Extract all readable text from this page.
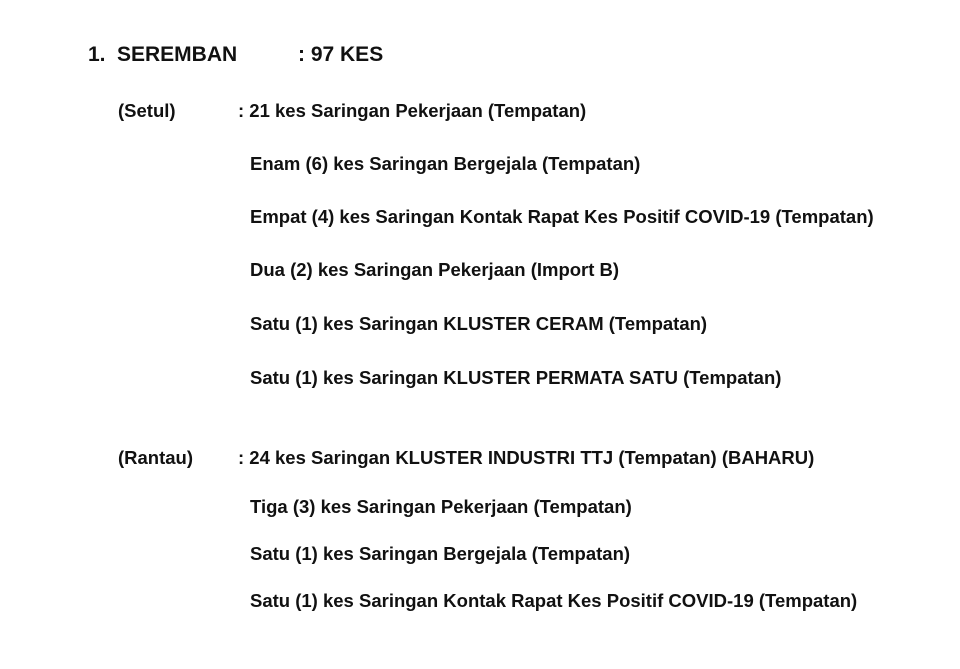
1. SEREMBAN	: 97 KES
(Setul)	: 21 kes Saringan Pekerjaan (Tempatan)
Enam (6) kes Saringan Bergejala (Tempatan)
Empat (4) kes Saringan Kontak Rapat Kes Positif COVID-19 (Tempatan)
Dua (2) kes Saringan Pekerjaan (Import B)
Satu (1) kes Saringan KLUSTER CERAM (Tempatan)
Satu (1) kes Saringan KLUSTER PERMATA SATU (Tempatan)
(Rantau) : 24 kes Saringan KLUSTER INDUSTRI TTJ (Tempatan) (BAHARU)
Tiga (3) kes Saringan Pekerjaan (Tempatan)
Satu (1) kes Saringan Bergejala (Tempatan)
Satu (1) kes Saringan Kontak Rapat Kes Positif COVID-19 (Tempatan)
